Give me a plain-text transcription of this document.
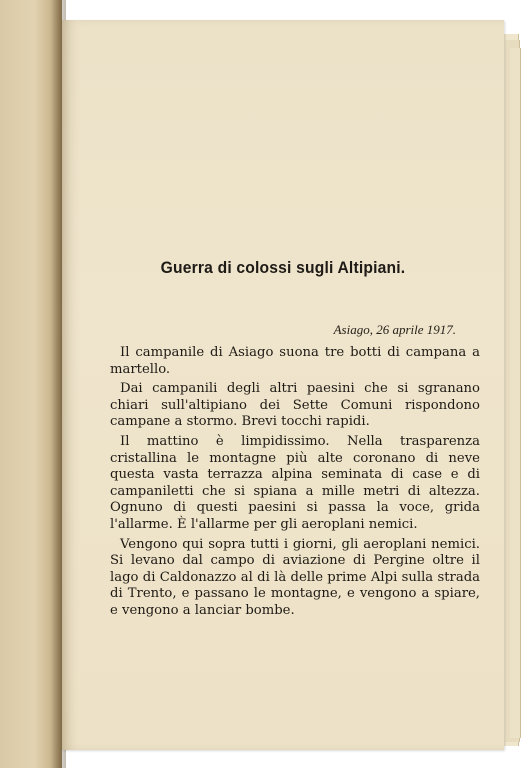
Guerra di colossi sugli Altipiani.
Asiago, 26 aprile 1917.

Il campanile di Asiago suona tre botti di campana a martello.

Dai campanili degli altri paesini che si sgranano chiari sull'altipiano dei Sette Comuni rispondono campane a stormo. Brevi tocchi rapidi.

Il mattino è limpidissimo. Nella trasparenza cristallina le montagne più alte coronano di neve questa vasta terrazza alpina seminata di case e di campaniletti che si spiana a mille metri di altezza. Ognuno di questi paesini si passa la voce, grida l'allarme. È l'allarme per gli aeroplani nemici.

Vengono qui sopra tutti i giorni, gli aeroplani nemici. Si levano dal campo di aviazione di Pergine oltre il lago di Caldonazzo al di là delle prime Alpi sulla strada di Trento, e passano le montagne, e vengono a spiare, e vengono a lanciar bombe.
